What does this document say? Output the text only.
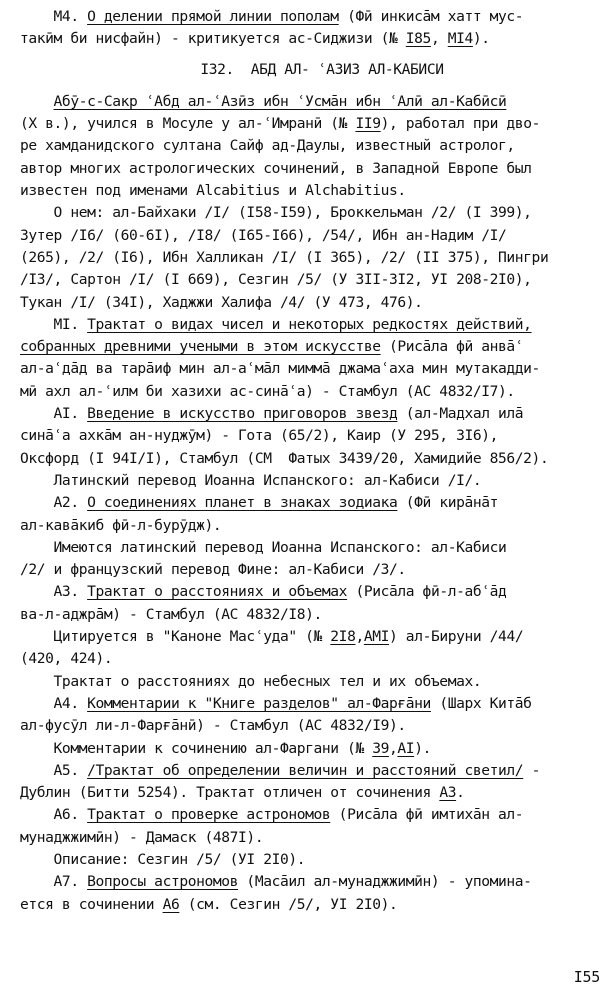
М4. О делении прямой линии пополам (Фӣ инкисāм хатт мус-
такӣм би нисфайн) - критикуется ас-Сиджизи (№ I85, МI4).
I32.  АБД АЛ- ʿАЗИЗ АЛ-КАБИСИ
Абӯ-с-Сакр ʿАбд ал-ʿАзӣз ибн ʿУсмāн ибн ʿАлӣ ал-Кабӣсӣ
(X в.), учился в Мосуле у ал-ʿИмранӣ (№ II9), работал при дво-
ре хамданидского султана Сайф ад-Даулы, известный астролог,
автор многих астрологических сочинений, в Западной Европе был
известен под именами Alcabitius и Alchabitius.
О нем: ал-Байхаки /I/ (I58-I59), Броккельман /2/ (I 399),
Зутер /I6/ (60-6I), /I8/ (I65-I66), /54/, Ибн ан-Надим /I/
(265), /2/ (I6), Ибн Халликан /I/ (I 365), /2/ (II 375), Пингри
/I3/, Сартон /I/ (I 669), Сезгин /5/ (У 3II-3I2, УI 208-2I0),
Тукан /I/ (34I), Хаджжи Халифа /4/ (У 473, 476).
МI. Трактат о видах чисел и некоторых редкостях действий,
собранных древними учеными в этом искусстве (Рисāла фӣ анвāʿ
ал-аʿдāд ва тарāиф мин ал-аʿмāл миммā джамаʿаха мин мутакадди-
мӣ ахл ал-ʿилм би хазихи ас-синāʿа) - Стамбул (АС 4832/I7).
АI. Введение в искусство приговоров звезд (ал-Мадхал илā
синāʿа ахкāм ан-нуджӯм) - Гота (65/2), Каир (У 295, 3I6),
Оксфорд (I 94I/I), Стамбул (СМ  Фатых 3439/20, Хамидийе 856/2).
Латинский перевод Иоанна Испанского: ал-Кабиси /I/.
А2. О соединениях планет в знаках зодиака (Фӣ кирāнāт
ал-кавāкиб фӣ-л-бурӯдж).
Имеются латинский перевод Иоанна Испанского: ал-Кабиси
/2/ и французский перевод Фине: ал-Кабиси /3/.
А3. Трактат о расстояниях и объемах (Рисāла фӣ-л-абʿāд
ва-л-аджрāм) - Стамбул (АС 4832/I8).
Цитируется в "Каноне Масʿуда" (№ 2I8,АМI) ал-Бируни /44/
(420, 424).
Трактат о расстояниях до небесных тел и их объемах.
А4. Комментарии к "Книге разделов" ал-Фарғāни (Шарх Китāб
ал-фусӯл ли-л-Фарғāнӣ) - Стамбул (АС 4832/I9).
Комментарии к сочинению ал-Фаргани (№ 39,АI).
А5. /Трактат об определении величин и расстояний светил/ -
Дублин (Битти 5254). Трактат отличен от сочинения А3.
А6. Трактат о проверке астрономов (Рисāла фӣ имтихāн ал-
мунаджжимӣн) - Дамаск (487I).
Описание: Сезгин /5/ (УI 2I0).
А7. Вопросы астрономов (Масāил ал-мунаджжимӣн) - упомина-
ется в сочинении А6 (см. Сезгин /5/, УI 2I0).
I55
